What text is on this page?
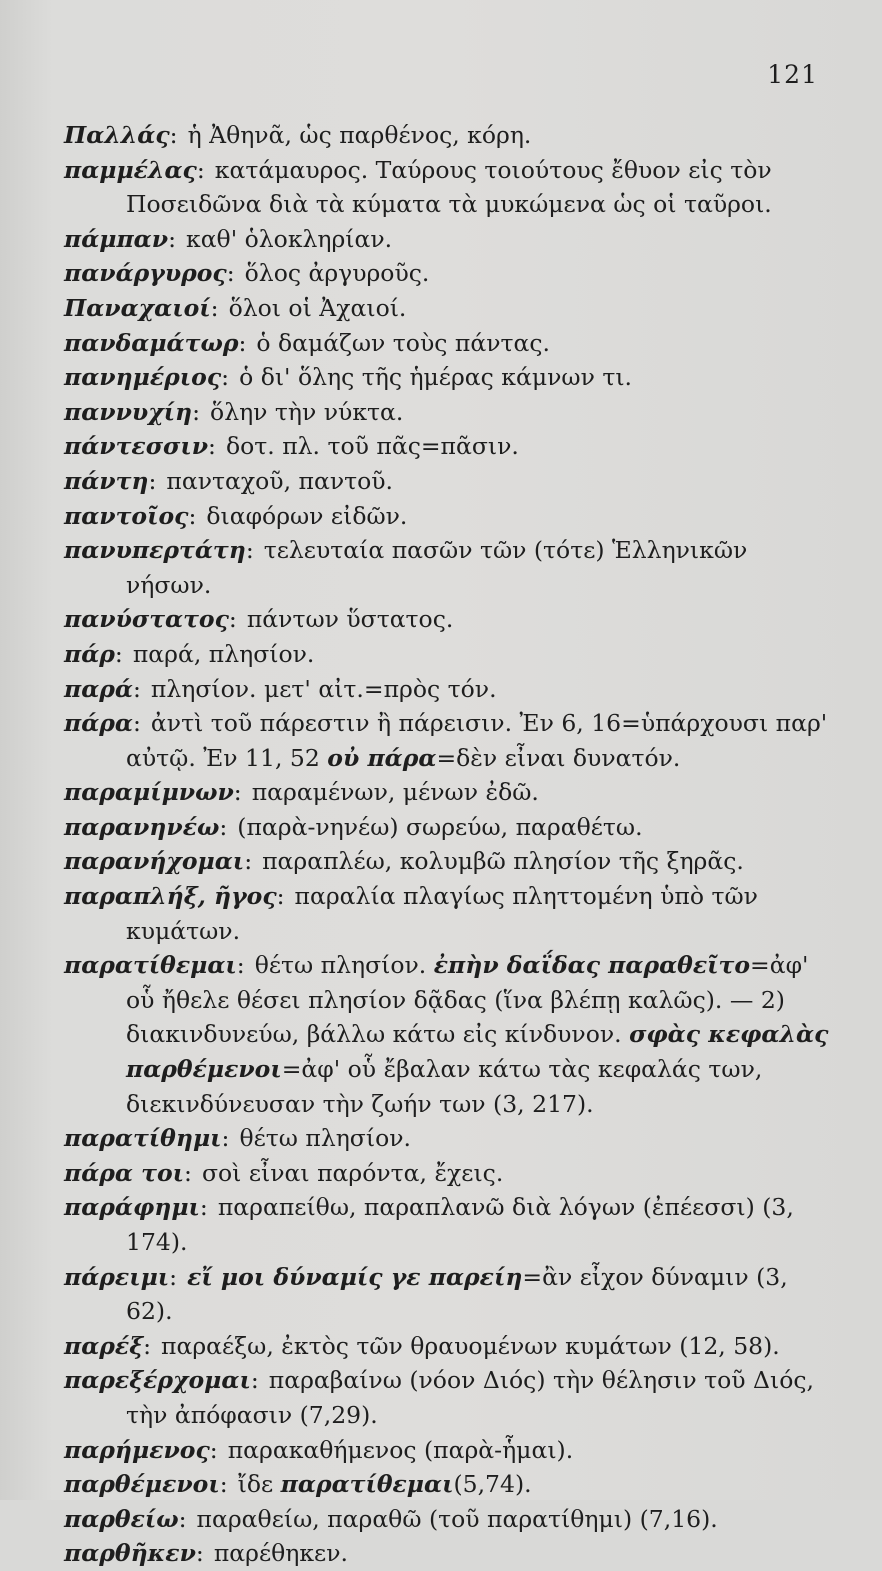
121
Παλλάς: ἡ Ἀθηνᾶ, ὡς παρθένος, κόρη.
παμμέλας: κατάμαυρος. Ταύρους τοιούτους ἔθυον εἰς τὸν Ποσειδῶνα διὰ τὰ κύματα τὰ μυκώμενα ὡς οἱ ταῦροι.
πάμπαν: καθ' ὁλοκληρίαν.
πανάργυρος: ὅλος ἀργυροῦς.
Παναχαιοί: ὅλοι οἱ Ἀχαιοί.
πανδαμάτωρ: ὁ δαμάζων τοὺς πάντας.
πανημέριος: ὁ δι' ὅλης τῆς ἡμέρας κάμνων τι.
παννυχίη: ὅλην τὴν νύκτα.
πάντεσσιν: δοτ. πλ. τοῦ πᾶς=πᾶσιν.
πάντη: πανταχοῦ, παντοῦ.
παντοῖος: διαφόρων εἰδῶν.
πανυπερτάτη: τελευταία πασῶν τῶν (τότε) Ἑλληνικῶν νήσων.
πανύστατος: πάντων ὕστατος.
πάρ: παρά, πλησίον.
παρά: πλησίον. μετ' αἰτ.=πρὸς τόν.
πάρα: ἀντὶ τοῦ πάρεστιν ἢ πάρεισιν. Ἐν 6, 16=ὑπάρχουσι παρ' αὐτῷ. Ἐν 11, 52 οὐ πάρα=δὲν εἶναι δυνατόν.
παραμίμνων: παραμένων, μένων ἐδῶ.
παρανηνέω: (παρὰ-νηνέω) σωρεύω, παραθέτω.
παρανήχομαι: παραπλέω, κολυμβῶ πλησίον τῆς ξηρᾶς.
παραπλήξ, ῆγος: παραλία πλαγίως πληττομένη ὑπὸ τῶν κυμάτων.
παρατίθεμαι: θέτω πλησίον. ἐπὴν δαΐδας παραθεῖτο=ἀφ' οὗ ἤθελε θέσει πλησίον δᾷδας (ἵνα βλέπῃ καλῶς). — 2) διακινδυνεύω, βάλλω κάτω εἰς κίνδυνον. σφὰς κεφαλὰς παρθέμενοι=ἀφ' οὗ ἔβαλαν κάτω τὰς κεφαλάς των, διεκινδύνευσαν τὴν ζωήν των (3, 217).
παρατίθημι: θέτω πλησίον.
πάρα τοι: σοὶ εἶναι παρόντα, ἔχεις.
παράφημι: παραπείθω, παραπλανῶ διὰ λόγων (ἐπέεσσι) (3, 174).
πάρειμι: εἴ μοι δύναμίς γε παρείη=ἂν εἶχον δύναμιν (3, 62).
παρέξ: παραέξω, ἐκτὸς τῶν θραυομένων κυμάτων (12, 58).
παρεξέρχομαι: παραβαίνω (νόον Διός) τὴν θέλησιν τοῦ Διός, τὴν ἀπόφασιν (7,29).
παρήμενος: παρακαθήμενος (παρὰ-ἧμαι).
παρθέμενοι: ἴδε παρατίθεμαι(5,74).
παρθείω: παραθείω, παραθῶ (τοῦ παρατίθημι) (7,16).
παρθῆκεν: παρέθηκεν.
